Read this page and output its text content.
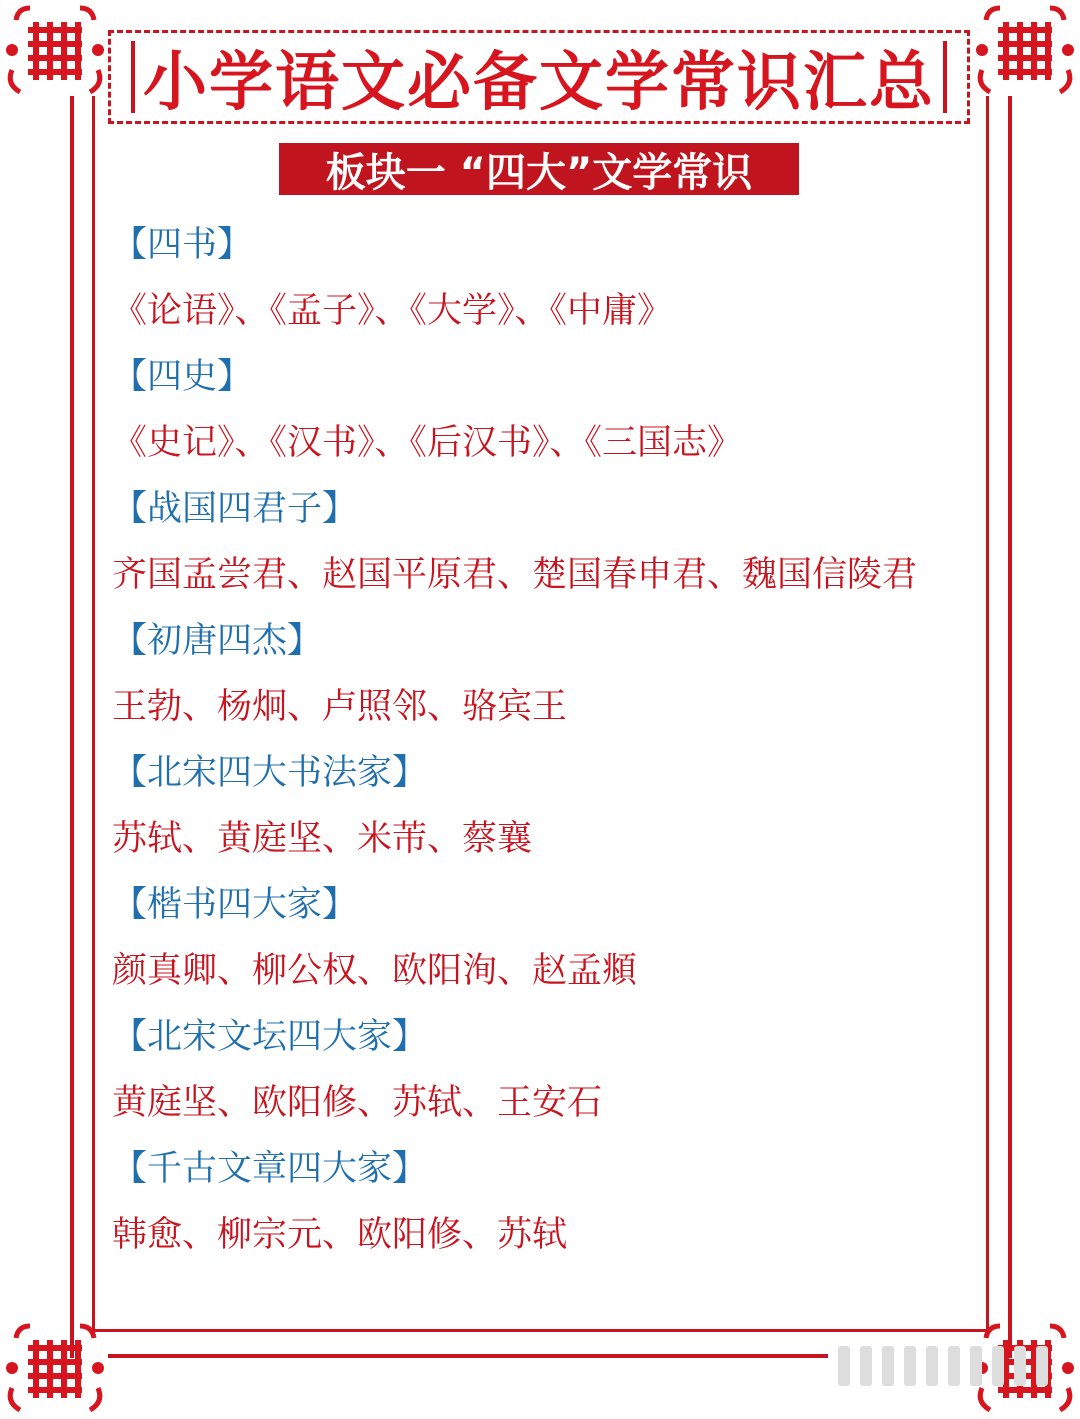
小学语文必备文学常识汇总
板块一 “四大”文学常识
【四书】
《论语》、《孟子》、《大学》、《中庸》
【四史】
《史记》、《汉书》、《后汉书》、《三国志》
【战国四君子】
齐国孟尝君、赵国平原君、楚国春申君、魏国信陵君
【初唐四杰】
王勃、杨炯、卢照邻、骆宾王
【北宋四大书法家】
苏轼、黄庭坚、米芾、蔡襄
【楷书四大家】
颜真卿、柳公权、欧阳洵、赵孟頫
【北宋文坛四大家】
黄庭坚、欧阳修、苏轼、王安石
【千古文章四大家】
韩愈、柳宗元、欧阳修、苏轼
